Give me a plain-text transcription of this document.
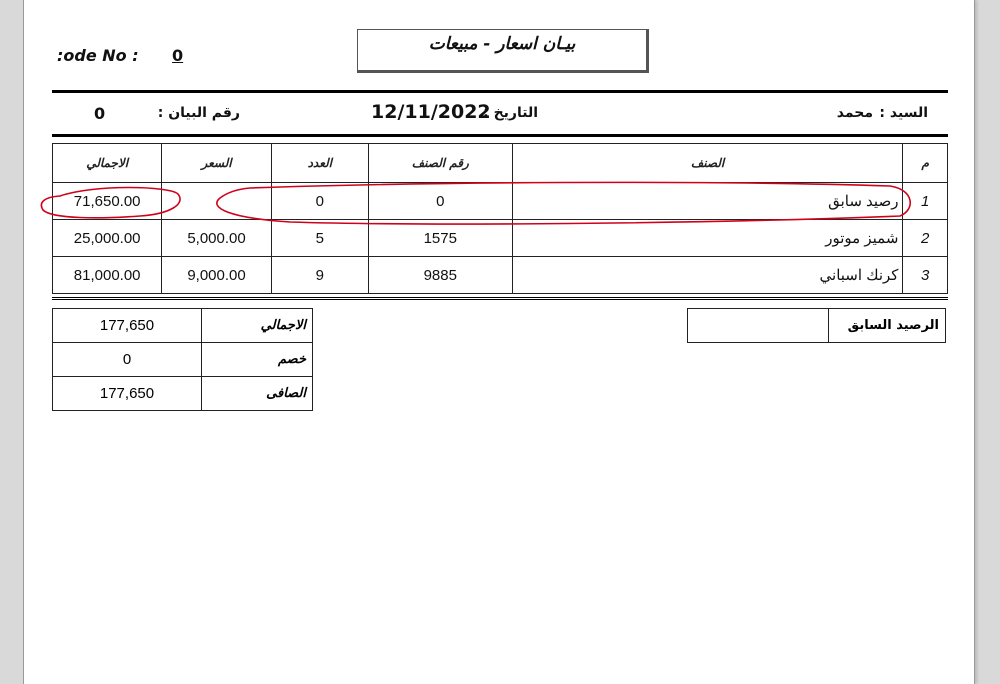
:ode No : 0
بيـان اسعار - مبيعات
0	رقم البيان :	12/11/2022
التاريخ :	محمد السيد :
الاجمالي	السعر	العدد	رقم الصنف	الصنف	م
71,650.00		0	0	رصيد سابق	1
25,000.00	5,000.00	5	1575	شميز موتور	2
81,000.00	9,000.00	9	9885	كرنك اسباني	3
177,650	الاجمالي
0	خصم
177,650	الصافى
	الرصيد السابق
